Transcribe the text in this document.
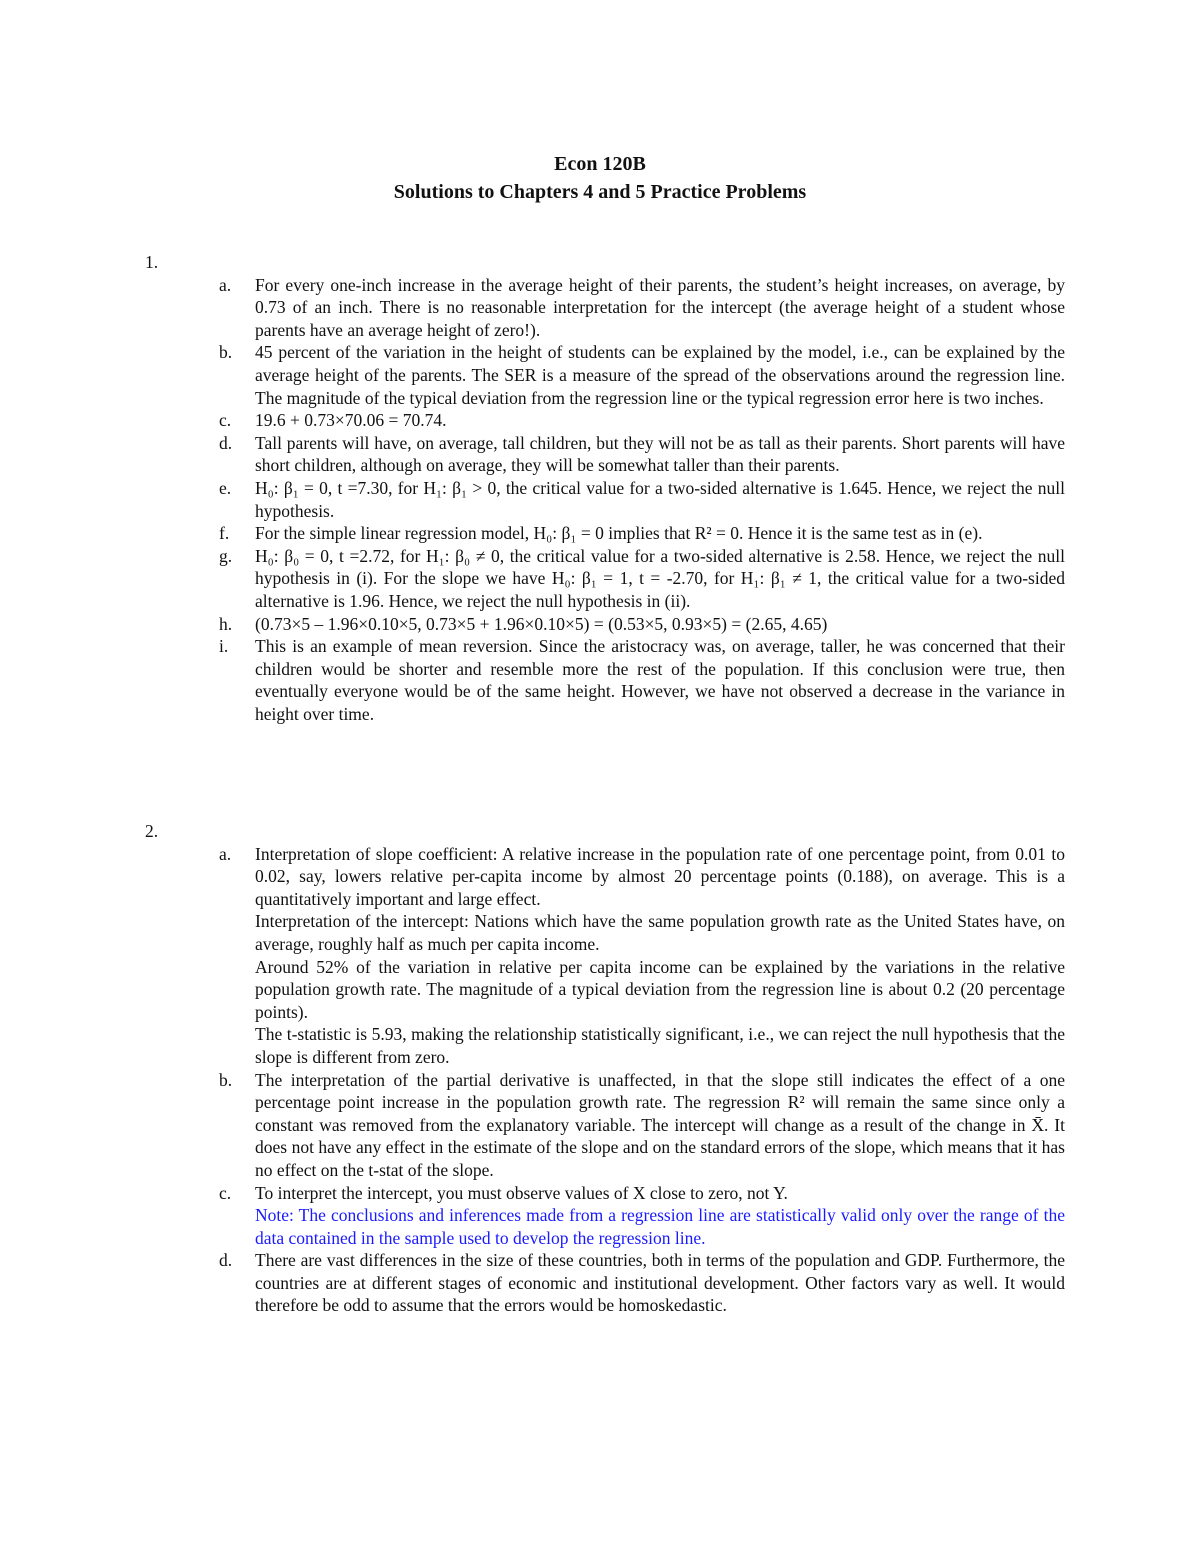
Econ 120B
Solutions to Chapters 4 and 5 Practice Problems
1.
a. For every one-inch increase in the average height of their parents, the student’s height increases, on average, by 0.73 of an inch. There is no reasonable interpretation for the intercept (the average height of a student whose parents have an average height of zero!).

b. 45 percent of the variation in the height of students can be explained by the model, i.e., can be explained by the average height of the parents. The SER is a measure of the spread of the observations around the regression line. The magnitude of the typical deviation from the regression line or the typical regression error here is two inches.

c. 19.6 + 0.73×70.06 = 70.74.

d. Tall parents will have, on average, tall children, but they will not be as tall as their parents. Short parents will have short children, although on average, they will be somewhat taller than their parents.

e. H₀: β₁ = 0, t =7.30, for H₁: β₁ > 0, the critical value for a two-sided alternative is 1.645. Hence, we reject the null hypothesis.

f. For the simple linear regression model, H₀: β₁ = 0 implies that R² = 0. Hence it is the same test as in (e).

g. H₀: β₀ = 0, t =2.72, for H₁: β₀ ≠ 0, the critical value for a two-sided alternative is 2.58. Hence, we reject the null hypothesis in (i). For the slope we have H₀: β₁ = 1, t = -2.70, for H₁: β₁ ≠ 1, the critical value for a two-sided alternative is 1.96. Hence, we reject the null hypothesis in (ii).

h. (0.73×5 – 1.96×0.10×5, 0.73×5 + 1.96×0.10×5) = (0.53×5, 0.93×5) = (2.65, 4.65)

i. This is an example of mean reversion. Since the aristocracy was, on average, taller, he was concerned that their children would be shorter and resemble more the rest of the population. If this conclusion were true, then eventually everyone would be of the same height. However, we have not observed a decrease in the variance in height over time.

2.
a. Interpretation of slope coefficient: A relative increase in the population rate of one percentage point, from 0.01 to 0.02, say, lowers relative per-capita income by almost 20 percentage points (0.188), on average. This is a quantitatively important and large effect.

Interpretation of the intercept: Nations which have the same population growth rate as the United States have, on average, roughly half as much per capita income.

Around 52% of the variation in relative per capita income can be explained by the variations in the relative population growth rate. The magnitude of a typical deviation from the regression line is about 0.2 (20 percentage points).

The t-statistic is 5.93, making the relationship statistically significant, i.e., we can reject the null hypothesis that the slope is different from zero.

b. The interpretation of the partial derivative is unaffected, in that the slope still indicates the effect of a one percentage point increase in the population growth rate. The regression R² will remain the same since only a constant was removed from the explanatory variable. The intercept will change as a result of the change in X̄. It does not have any effect in the estimate of the slope and on the standard errors of the slope, which means that it has no effect on the t-stat of the slope.

c. To interpret the intercept, you must observe values of X close to zero, not Y.

Note: The conclusions and inferences made from a regression line are statistically valid only over the range of the data contained in the sample used to develop the regression line.

d. There are vast differences in the size of these countries, both in terms of the population and GDP. Furthermore, the countries are at different stages of economic and institutional development. Other factors vary as well. It would therefore be odd to assume that the errors would be homoskedastic.
